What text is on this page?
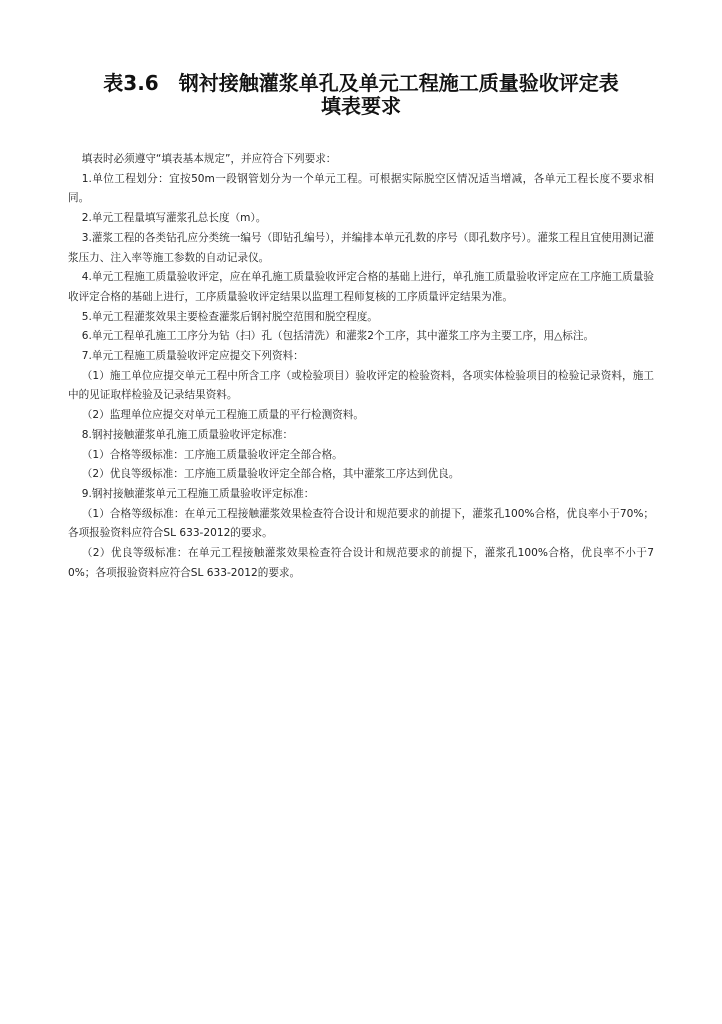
表3.6　钢衬接触灌浆单孔及单元工程施工质量验收评定表
填表要求

填表时必须遵守“填表基本规定”，并应符合下列要求：

1.单位工程划分：宜按50m一段钢管划分为一个单元工程。可根据实际脱空区情况适当增减，各单元工程长度不要求相同。

2.单元工程量填写灌浆孔总长度（m）。

3.灌浆工程的各类钻孔应分类统一编号（即钻孔编号），并编排本单元孔数的序号（即孔数序号）。灌浆工程且宜使用测记灌浆压力、注入率等施工参数的自动记录仪。

4.单元工程施工质量验收评定，应在单孔施工质量验收评定合格的基础上进行，单孔施工质量验收评定应在工序施工质量验收评定合格的基础上进行，工序质量验收评定结果以监理工程师复核的工序质量评定结果为准。

5.单元工程灌浆效果主要检查灌浆后钢衬脱空范围和脱空程度。

6.单元工程单孔施工工序分为钻（扫）孔（包括清洗）和灌浆2个工序，其中灌浆工序为主要工序，用△标注。

7.单元工程施工质量验收评定应提交下列资料：

（1）施工单位应提交单元工程中所含工序（或检验项目）验收评定的检验资料，各项实体检验项目的检验记录资料，施工中的见证取样检验及记录结果资料。

（2）监理单位应提交对单元工程施工质量的平行检测资料。

8.钢衬接触灌浆单孔施工质量验收评定标准：

（1）合格等级标准：工序施工质量验收评定全部合格。

（2）优良等级标准：工序施工质量验收评定全部合格，其中灌浆工序达到优良。

9.钢衬接触灌浆单元工程施工质量验收评定标准：

（1）合格等级标准：在单元工程接触灌浆效果检查符合设计和规范要求的前提下，灌浆孔100%合格，优良率小于70%；各项报验资料应符合SL 633-2012的要求。

（2）优良等级标准：在单元工程接触灌浆效果检查符合设计和规范要求的前提下，灌浆孔100%合格，优良率不小于70%；各项报验资料应符合SL 633-2012的要求。
